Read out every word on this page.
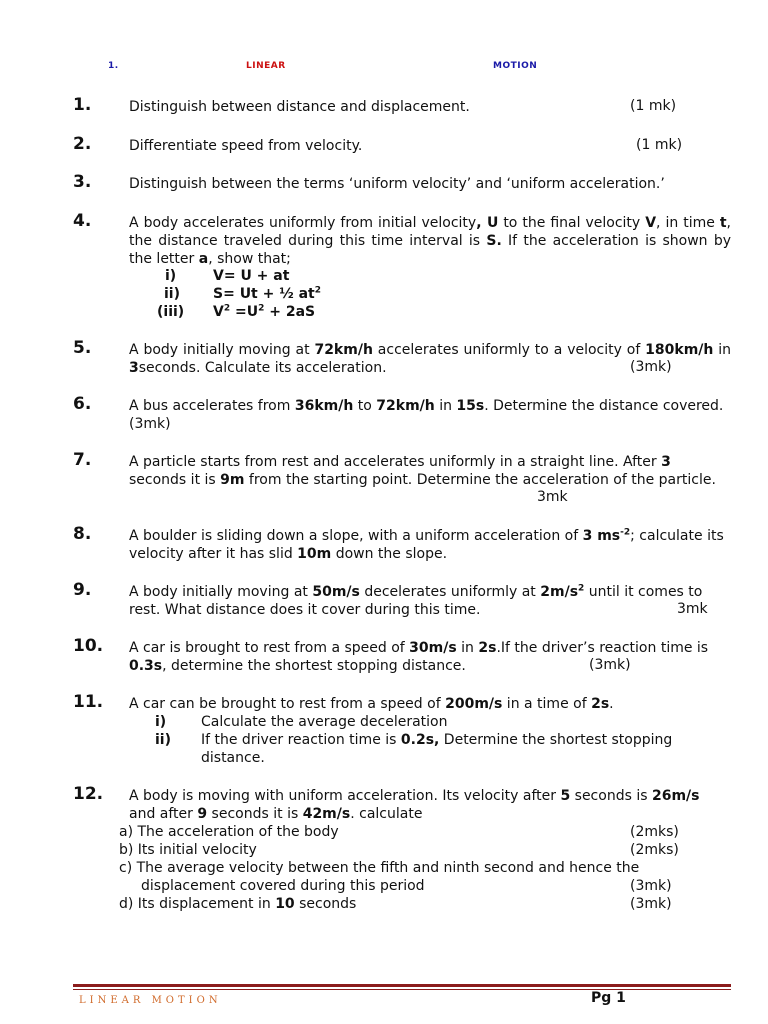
1.	LINEAR	MOTION
1.	Distinguish between distance and displacement.	(1 mk)
2.	Differentiate speed from velocity.	(1 mk)
3.	Distinguish between the terms ‘uniform velocity’ and ‘uniform acceleration.’
4.	A body accelerates uniformly from initial velocity, U to the final velocity V, in time t, the distance traveled during this time interval is S. If the acceleration is shown by the letter a, show that;
i)	V= U + at
ii) S= Ut + ½ $at^2$
(iii) $V^2 =U^2 + 2aS$
5.	A body initially moving at 72km/h accelerates uniformly to a velocity of 180km/h in 3seconds. Calculate its acceleration.	(3mk)
6.	A bus accelerates from 36km/h to 72km/h in 15s. Determine the distance covered. (3mk)
7.	A particle starts from rest and accelerates uniformly in a straight line. After 3 seconds it is 9m from the starting point. Determine the acceleration of the particle.
3mk
8.	A boulder is sliding down a slope, with a uniform acceleration of 3 $ms^{-2}$; calculate its velocity after it has slid 10m down the slope.
9.	A body initially moving at 50m/s decelerates uniformly at $2m/s^2$ until it comes to rest. What distance does it cover during this time.	3mk
10. A car is brought to rest from a speed of 30m/s in 2s.If the driver’s reaction time is 0.3s, determine the shortest stopping distance.	(3mk)
11. A car can be brought to rest from a speed of 200m/s in a time of 2s.
i) Calculate the average deceleration
ii) If the driver reaction time is 0.2s, Determine the shortest stopping
distance.
12. A body is moving with uniform acceleration. Its velocity after 5 seconds is 26m/s and after 9 seconds it is 42m/s. calculate
a) The acceleration of the body	(2mks)
b) Its initial velocity	(2mks)
c) The average velocity between the fifth and ninth second and hence the
displacement covered during this period	(3mk)
d) Its displacement in 10 seconds	(3mk)
LINEAR MOTION	Pg 1
